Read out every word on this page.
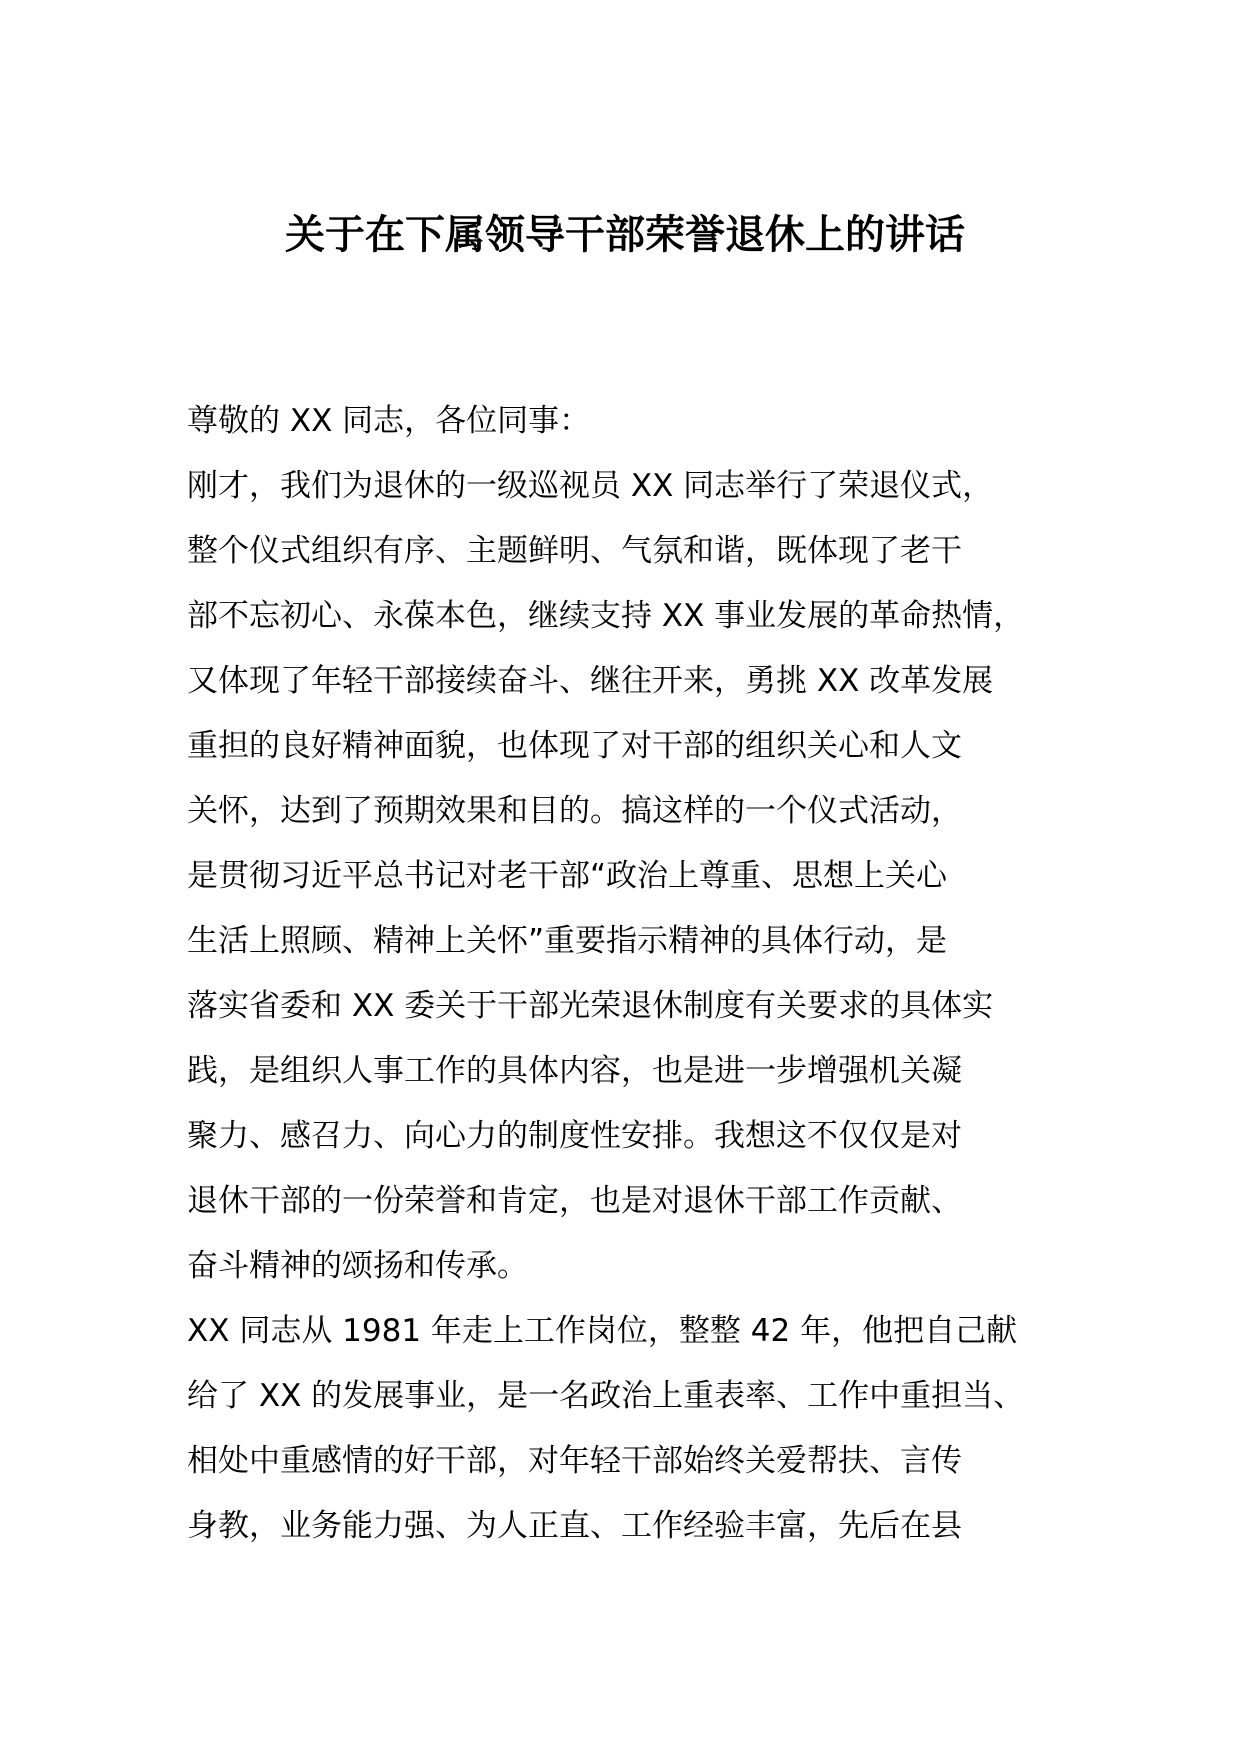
关于在下属领导干部荣誉退休上的讲话
尊敬的 XX 同志，各位同事：
刚才，我们为退休的一级巡视员 XX 同志举行了荣退仪式，
整个仪式组织有序、主题鲜明、气氛和谐，既体现了老干
部不忘初心、永葆本色，继续支持 XX 事业发展的革命热情，
又体现了年轻干部接续奋斗、继往开来，勇挑 XX 改革发展
重担的良好精神面貌，也体现了对干部的组织关心和人文
关怀，达到了预期效果和目的。搞这样的一个仪式活动，
是贯彻习近平总书记对老干部“政治上尊重、思想上关心
生活上照顾、精神上关怀”重要指示精神的具体行动，是
落实省委和 XX 委关于干部光荣退休制度有关要求的具体实
践，是组织人事工作的具体内容，也是进一步增强机关凝
聚力、感召力、向心力的制度性安排。我想这不仅仅是对
退休干部的一份荣誉和肯定，也是对退休干部工作贡献、
奋斗精神的颂扬和传承。
XX 同志从 1981 年走上工作岗位，整整 42 年，他把自己献
给了 XX 的发展事业，是一名政治上重表率、工作中重担当、
相处中重感情的好干部，对年轻干部始终关爱帮扶、言传
身教，业务能力强、为人正直、工作经验丰富，先后在县
